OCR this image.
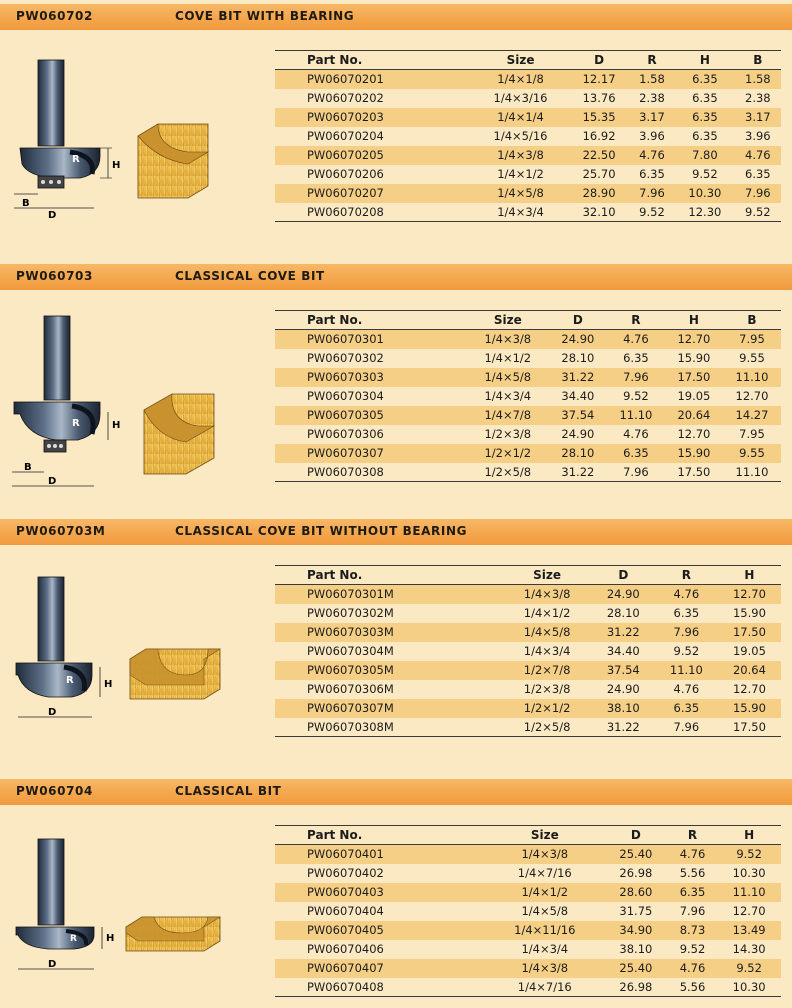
PW060702	COVE BIT WITH BEARING
D
B
R
H
Part No.	Size	D	R	H	B
PW06070201	1/4×1/8	12.17	1.58	6.35	1.58
PW06070202	1/4×3/16	13.76	2.38	6.35	2.38
PW06070203	1/4×1/4	15.35	3.17	6.35	3.17
PW06070204	1/4×5/16	16.92	3.96	6.35	3.96
PW06070205	1/4×3/8	22.50	4.76	7.80	4.76
PW06070206	1/4×1/2	25.70	6.35	9.52	6.35
PW06070207	1/4×5/8	28.90	7.96	10.30	7.96
PW06070208	1/4×3/4	32.10	9.52	12.30	9.52
PW060703	CLASSICAL COVE BIT
D
B
R	H
Part No.	Size	D	R	H	B
PW06070301	1/4×3/8	24.90	4.76	12.70	7.95
PW06070302	1/4×1/2	28.10	6.35	15.90	9.55
PW06070303	1/4×5/8	31.22	7.96	17.50	11.10
PW06070304	1/4×3/4	34.40	9.52	19.05	12.70
PW06070305	1/4×7/8	37.54	11.10	20.64	14.27
PW06070306	1/2×3/8	24.90	4.76	12.70	7.95
PW06070307	1/2×1/2	28.10	6.35	15.90	9.55
PW06070308	1/2×5/8	31.22	7.96	17.50	11.10
PW060703M	CLASSICAL COVE BIT WITHOUT BEARING
D
R	H
Part No.	Size	D	R	H
PW06070301M	1/4×3/8	24.90	4.76	12.70
PW06070302M	1/4×1/2	28.10	6.35	15.90
PW06070303M	1/4×5/8	31.22	7.96	17.50
PW06070304M	1/4×3/4	34.40	9.52	19.05
PW06070305M	1/2×7/8	37.54	11.10	20.64
PW06070306M	1/2×3/8	24.90	4.76	12.70
PW06070307M	1/2×1/2	38.10	6.35	15.90
PW06070308M	1/2×5/8	31.22	7.96	17.50
PW060704	CLASSICAL BIT
D
R	H
Part No.	Size	D	R	H
PW06070401	1/4×3/8	25.40	4.76	9.52
PW06070402	1/4×7/16	26.98	5.56	10.30
PW06070403	1/4×1/2	28.60	6.35	11.10
PW06070404	1/4×5/8	31.75	7.96	12.70
PW06070405	1/4×11/16	34.90	8.73	13.49
PW06070406	1/4×3/4	38.10	9.52	14.30
PW06070407	1/4×3/8	25.40	4.76	9.52
PW06070408	1/4×7/16	26.98	5.56	10.30
